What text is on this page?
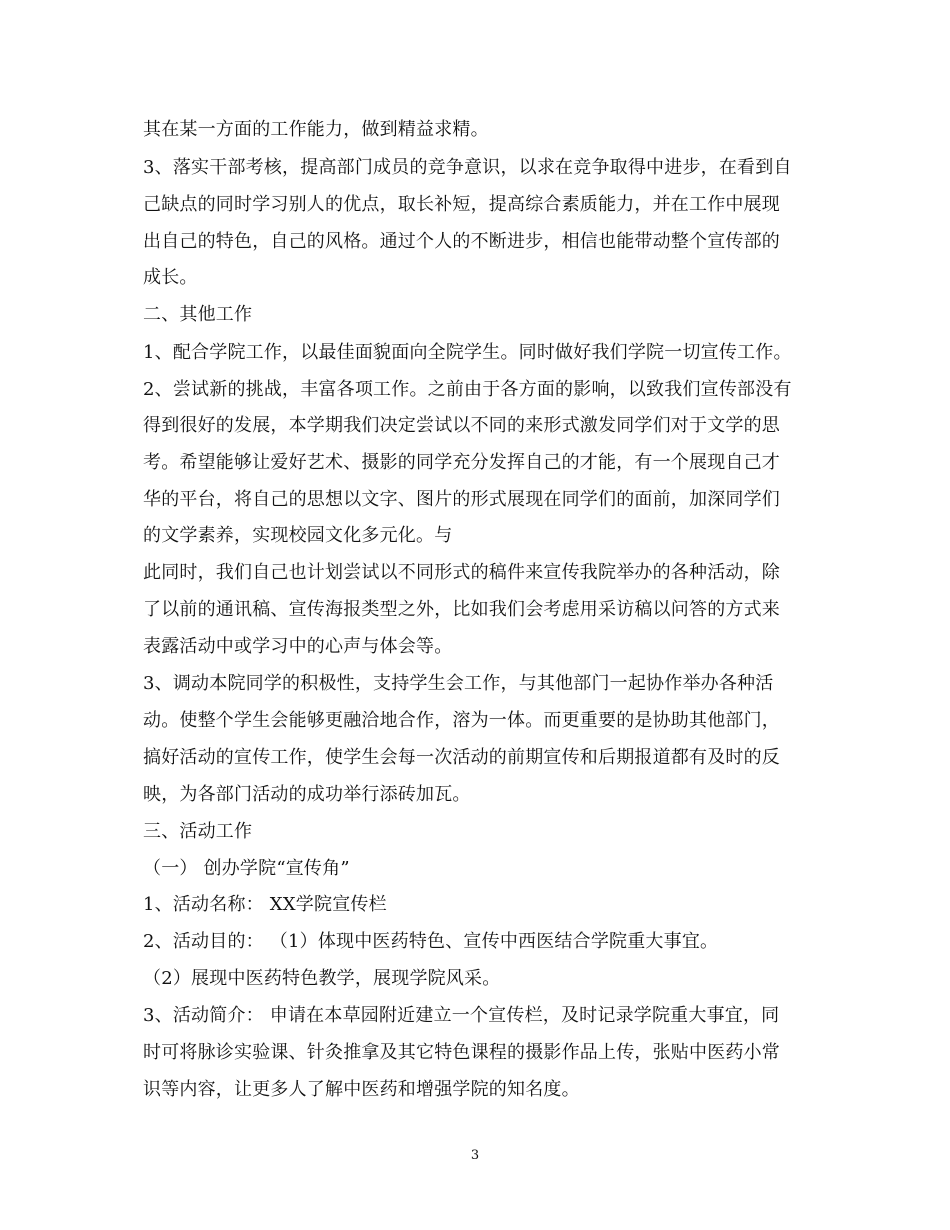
其在某一方面的工作能力，做到精益求精。
3、落实干部考核，提高部门成员的竞争意识，以求在竞争取得中进步，在看到自
己缺点的同时学习别人的优点，取长补短，提高综合素质能力，并在工作中展现
出自己的特色，自己的风格。通过个人的不断进步，相信也能带动整个宣传部的
成长。
二、其他工作
1、配合学院工作，以最佳面貌面向全院学生。同时做好我们学院一切宣传工作。
2、尝试新的挑战，丰富各项工作。之前由于各方面的影响，以致我们宣传部没有
得到很好的发展，本学期我们决定尝试以不同的来形式激发同学们对于文学的思
考。希望能够让爱好艺术、摄影的同学充分发挥自己的才能，有一个展现自己才
华的平台，将自己的思想以文字、图片的形式展现在同学们的面前，加深同学们
的文学素养，实现校园文化多元化。与
此同时，我们自己也计划尝试以不同形式的稿件来宣传我院举办的各种活动，除
了以前的通讯稿、宣传海报类型之外，比如我们会考虑用采访稿以问答的方式来
表露活动中或学习中的心声与体会等。
3、调动本院同学的积极性，支持学生会工作，与其他部门一起协作举办各种活
动。使整个学生会能够更融洽地合作，溶为一体。而更重要的是协助其他部门，
搞好活动的宣传工作，使学生会每一次活动的前期宣传和后期报道都有及时的反
映，为各部门活动的成功举行添砖加瓦。
三、活动工作
（一） 创办学院“宣传角”
1、活动名称： XX学院宣传栏
2、活动目的： （1）体现中医药特色、宣传中西医结合学院重大事宜。
（2）展现中医药特色教学，展现学院风采。
3、活动简介： 申请在本草园附近建立一个宣传栏，及时记录学院重大事宜，同
时可将脉诊实验课、针灸推拿及其它特色课程的摄影作品上传，张贴中医药小常
识等内容，让更多人了解中医药和增强学院的知名度。
3
